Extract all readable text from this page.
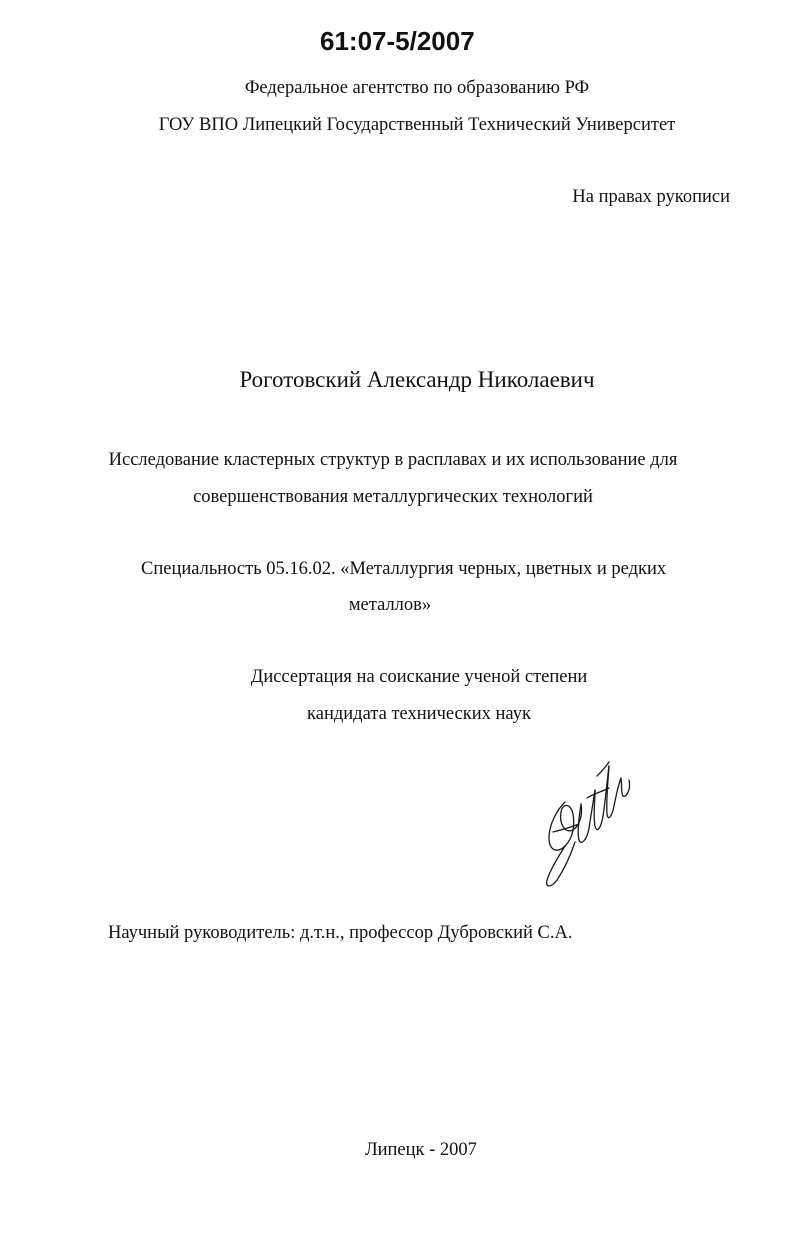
61:07-5/2007
Федеральное агентство по образованию РФ
ГОУ ВПО Липецкий Государственный Технический Университет
На правах рукописи
Роготовский Александр Николаевич
Исследование кластерных структур в расплавах и их использование для
совершенствования металлургических технологий
Специальность 05.16.02. «Металлургия черных, цветных и редких
металлов»
Диссертация на соискание ученой степени
кандидата технических наук
Научный руководитель: д.т.н., профессор Дубровский С.А.
Липецк - 2007
